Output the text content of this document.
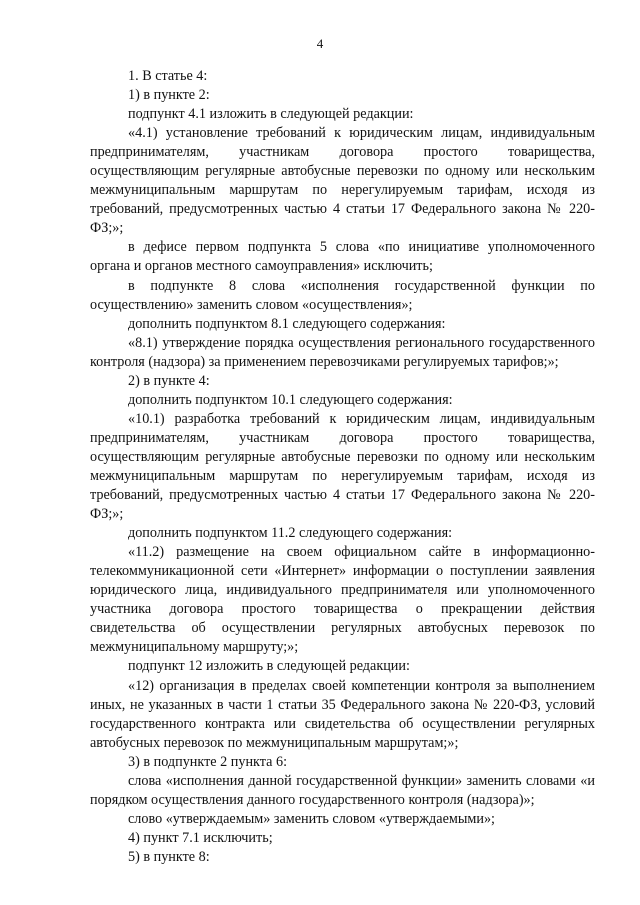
4

1. В статье 4:

1) в пункте 2:

подпункт 4.1 изложить в следующей редакции:

«4.1) установление требований к юридическим лицам, индивидуальным предпринимателям, участникам договора простого товарищества, осуществляющим регулярные автобусные перевозки по одному или нескольким межмуниципальным маршрутам по нерегулируемым тарифам, исходя из требований, предусмотренных частью 4 статьи 17 Федерального закона № 220-ФЗ;»;

в дефисе первом подпункта 5 слова «по инициативе уполномоченного органа и органов местного самоуправления» исключить;

в подпункте 8 слова «исполнения государственной функции по осуществлению» заменить словом «осуществления»;

дополнить подпунктом 8.1 следующего содержания:

«8.1) утверждение порядка осуществления регионального государственного контроля (надзора) за применением перевозчиками регулируемых тарифов;»;

2) в пункте 4:

дополнить подпунктом 10.1 следующего содержания:

«10.1) разработка требований к юридическим лицам, индивидуальным предпринимателям, участникам договора простого товарищества, осуществляющим регулярные автобусные перевозки по одному или нескольким межмуниципальным маршрутам по нерегулируемым тарифам, исходя из требований, предусмотренных частью 4 статьи 17 Федерального закона № 220-ФЗ;»;

дополнить подпунктом 11.2 следующего содержания:

«11.2) размещение на своем официальном сайте в информационно-телекоммуникационной сети «Интернет» информации о поступлении заявления юридического лица, индивидуального предпринимателя или уполномоченного участника договора простого товарищества о прекращении действия свидетельства об осуществлении регулярных автобусных перевозок по межмуниципальному маршруту;»;

подпункт 12 изложить в следующей редакции:

«12) организация в пределах своей компетенции контроля за выполнением иных, не указанных в части 1 статьи 35 Федерального закона № 220-ФЗ, условий государственного контракта или свидетельства об осуществлении регулярных автобусных перевозок по межмуниципальным маршрутам;»;

3) в подпункте 2 пункта 6:

слова «исполнения данной государственной функции» заменить словами «и порядком осуществления данного государственного контроля (надзора)»;

слово «утверждаемым» заменить словом «утверждаемыми»;

4) пункт 7.1 исключить;

5) в пункте 8:
